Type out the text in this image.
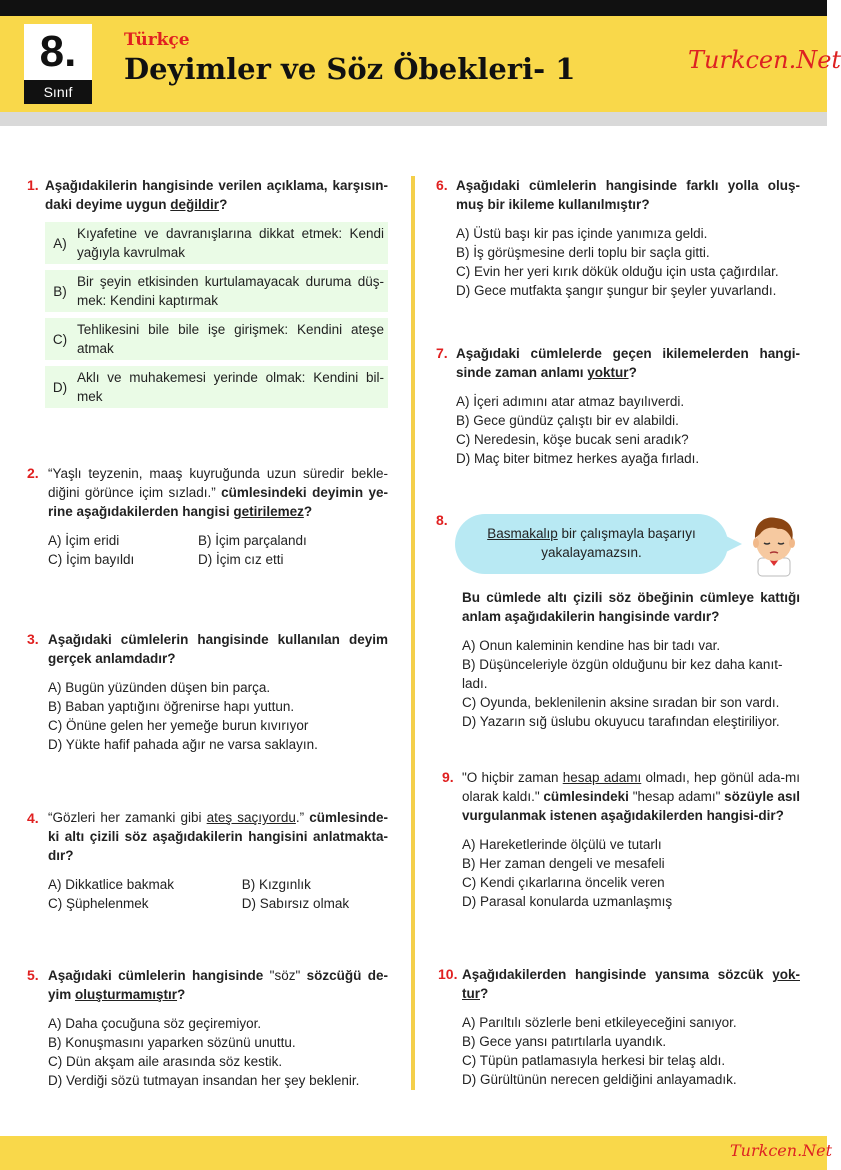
8.
Sınıf
Türkçe
Deyimler ve Söz Öbekleri- 1	Turkcen.Net
1. Aşağıdakilerin hangisinde verilen açıklama, karşısın-daki deyime uygun değildir?
A)
Kıyafetine ve davranışlarına dikkat etmek: Kendi yağıyla kavrulmak
B)
Bir şeyin etkisinden kurtulamayacak duruma düş-mek: Kendini kaptırmak
C)
Tehlikesini bile bile işe girişmek: Kendini ateşe atmak
D)
Aklı ve muhakemesi yerinde olmak: Kendini bil-mek
2. “Yaşlı teyzenin, maaş kuyruğunda uzun süredir bekle-diğini görünce içim sızladı.” cümlesindeki deyimin ye-rine aşağıdakilerden hangisi getirilemez?
A) İçim eridi	B) İçim parçalandı
C) İçim bayıldı	D) İçim cız etti
3. Aşağıdaki cümlelerin hangisinde kullanılan deyim gerçek anlamdadır?
A) Bugün yüzünden düşen bin parça.
B) Baban yaptığını öğrenirse hapı yuttun.
C) Önüne gelen her yemeğe burun kıvırıyor
D) Yükte hafif pahada ağır ne varsa saklayın.
4. “Gözleri her zamanki gibi ateş saçıyordu.” cümlesinde-ki altı çizili söz aşağıdakilerin hangisini anlatmakta-dır?
A) Dikkatlice bakmak	B) Kızgınlık
C) Şüphelenmek	D) Sabırsız olmak
5. Aşağıdaki cümlelerin hangisinde "söz" sözcüğü de-yim oluşturmamıştır?
A) Daha çocuğuna söz geçiremiyor.
B) Konuşmasını yaparken sözünü unuttu.
C) Dün akşam aile arasında söz kestik.
D) Verdiği sözü tutmayan insandan her şey beklenir.
6. Aşağıdaki cümlelerin hangisinde farklı yolla oluş-muş bir ikileme kullanılmıştır?
A) Üstü başı kir pas içinde yanımıza geldi.
B) İş görüşmesine derli toplu bir saçla gitti.
C) Evin her yeri kırık dökük olduğu için usta çağırdılar.
D) Gece mutfakta şangır şungur bir şeyler yuvarlandı.
7. Aşağıdaki cümlelerde geçen ikilemelerden hangi-sinde zaman anlamı yoktur?
A) İçeri adımını atar atmaz bayılıverdi.
B) Gece gündüz çalıştı bir ev alabildi.
C) Neredesin, köşe bucak seni aradık?
D) Maç biter bitmez herkes ayağa fırladı.
8.
Basmakalıp bir çalışmayla başarıyı yakalayamazsın.
Bu cümlede altı çizili söz öbeğinin cümleye kattığı anlam aşağıdakilerin hangisinde vardır?
A) Onun kaleminin kendine has bir tadı var.
B) Düşünceleriyle özgün olduğunu bir kez daha kanıt-ladı.
C) Oyunda, beklenilenin aksine sıradan bir son vardı.
D) Yazarın sığ üslubu okuyucu tarafından eleştiriliyor.
9. "O hiçbir zaman hesap adamı olmadı, hep gönül ada-mı olarak kaldı." cümlesindeki "hesap adamı" sözüyle asıl vurgulanmak istenen aşağıdakilerden hangisi-dir?
A) Hareketlerinde ölçülü ve tutarlı
B) Her zaman dengeli ve mesafeli
C) Kendi çıkarlarına öncelik veren
D) Parasal konularda uzmanlaşmış
10. Aşağıdakilerden hangisinde yansıma sözcük yok-tur?
A) Parıltılı sözlerle beni etkileyeceğini sanıyor.
B) Gece yansı patırtılarla uyandık.
C) Tüpün patlamasıyla herkesi bir telaş aldı.
D) Gürültünün nerecen geldiğini anlayamadık.
Turkcen.Net
